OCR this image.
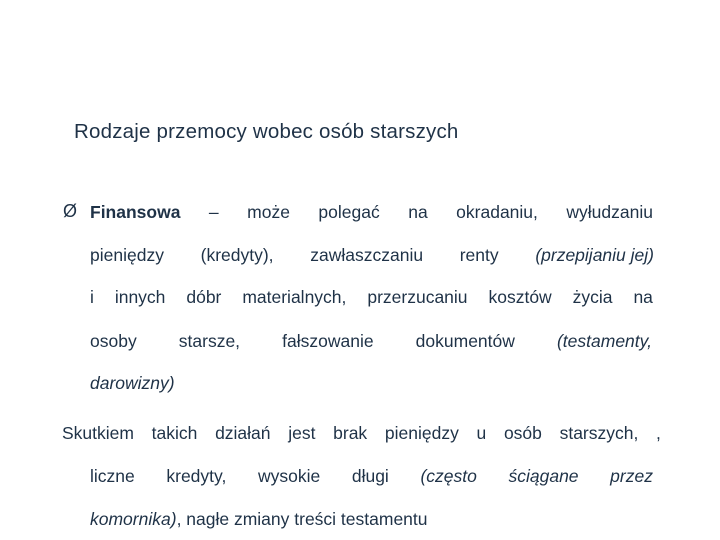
Rodzaje przemocy wobec osób starszych
Ø Finansowa – może polegać na okradaniu, wyłudzaniu
pieniędzy (kredyty), zawłaszczaniu renty (przepijaniu jej)
i innych dóbr materialnych, przerzucaniu kosztów życia na
osoby starsze, fałszowanie dokumentów (testamenty,
darowizny)
Skutkiem takich działań jest brak pieniędzy u osób starszych, ,
liczne kredyty, wysokie długi (często ściągane przez
komornika) , nagłe zmiany treści testamentu
